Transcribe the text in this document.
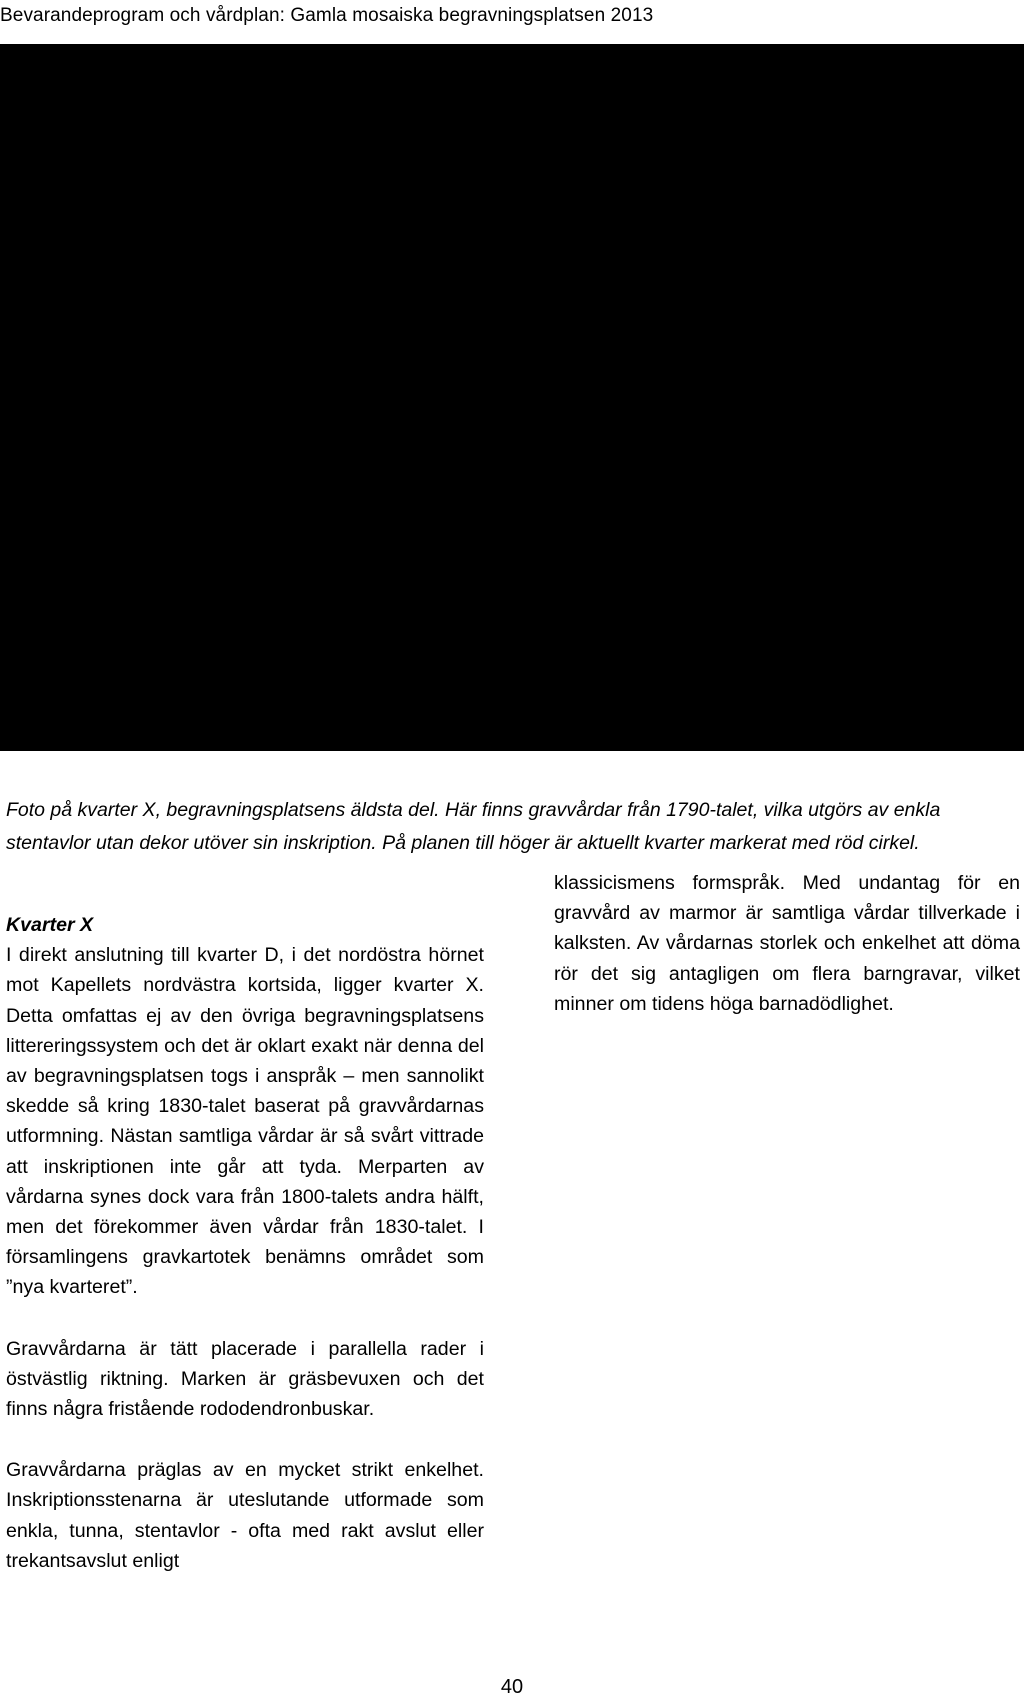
Bevarandeprogram och vårdplan: Gamla mosaiska begravningsplatsen 2013

Foto på kvarter X, begravningsplatsens äldsta del. Här finns gravvårdar från 1790-talet, vilka utgörs av enkla stentavlor utan dekor utöver sin inskription. På planen till höger är aktuellt kvarter markerat med röd cirkel.

Kvarter X

I direkt anslutning till kvarter D, i det nordöstra hörnet mot Kapellets nordvästra kortsida, ligger kvarter X. Detta omfattas ej av den övriga begravningsplatsens littereringssystem och det är oklart exakt när denna del av begravningsplatsen togs i anspråk – men sannolikt skedde så kring 1830-talet baserat på gravvårdarnas utformning. Nästan samtliga vårdar är så svårt vittrade att inskriptionen inte går att tyda. Merparten av vårdarna synes dock vara från 1800-talets andra hälft, men det förekommer även vårdar från 1830-talet. I församlingens gravkartotek benämns området som ”nya kvarteret”.

Gravvårdarna är tätt placerade i parallella rader i östvästlig riktning. Marken är gräsbevuxen och det finns några fristående rododendronbuskar.

Gravvårdarna präglas av en mycket strikt enkelhet. Inskriptionsstenarna är uteslutande utformade som enkla, tunna, stentavlor - ofta med rakt avslut eller trekantsavslut enligt

klassicismens formspråk. Med undantag för en gravvård av marmor är samtliga vårdar tillverkade i kalksten. Av vårdarnas storlek och enkelhet att döma rör det sig antagligen om flera barngravar, vilket minner om tidens höga barnadödlighet.

40
